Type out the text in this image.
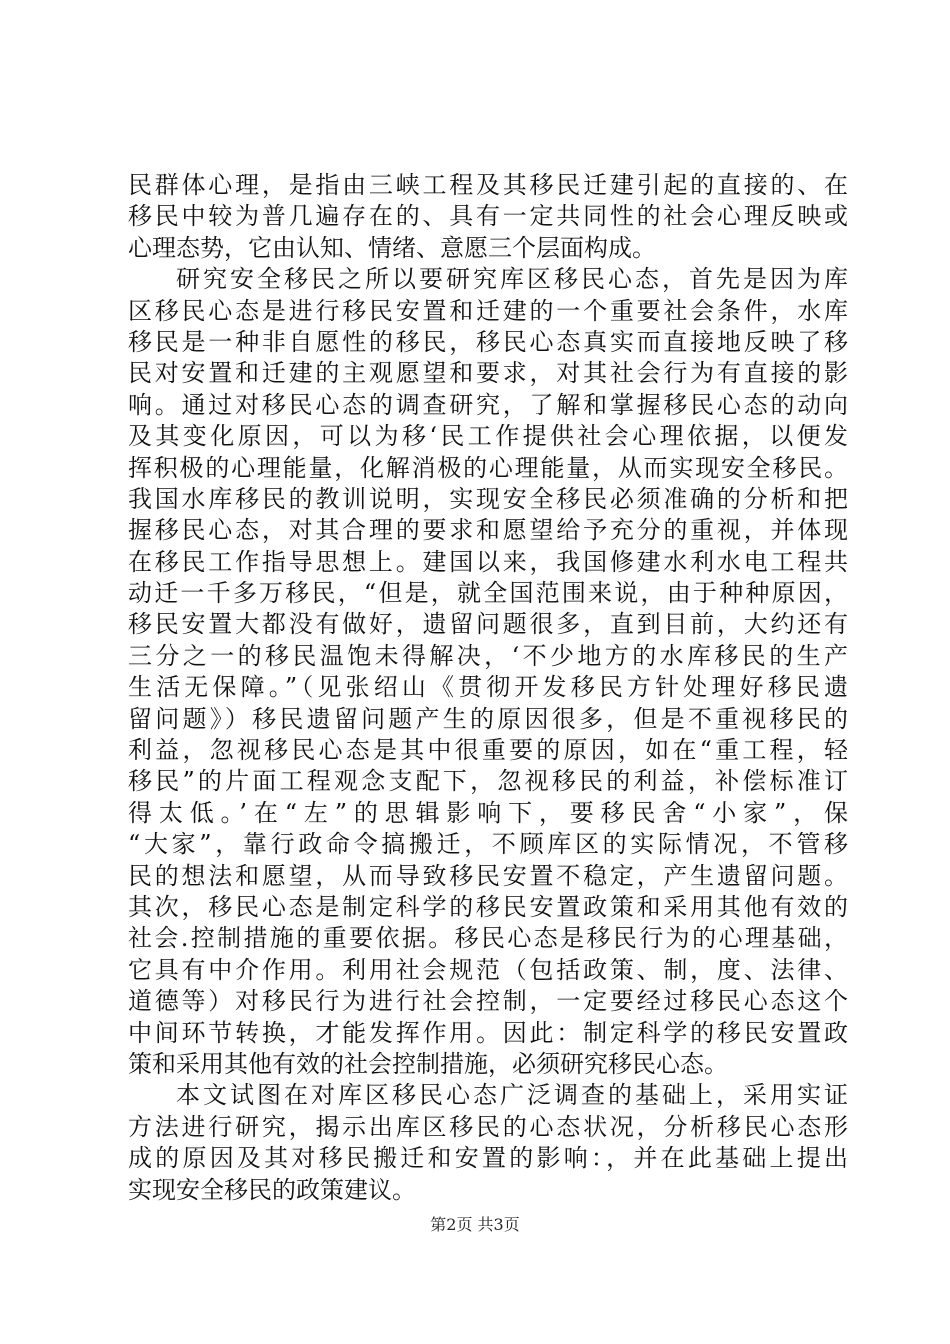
民群体心理，是指由三峡工程及其移民迁建引起的直接的、在
移民中较为普几遍存在的、具有一定共同性的社会心理反映或
心理态势，它由认知、情绪、意愿三个层面构成。
研究安全移民之所以要研究库区移民心态，首先是因为库
区移民心态是进行移民安置和迁建的一个重要社会条件，水库
移民是一种非自愿性的移民，移民心态真实而直接地反映了移
民对安置和迁建的主观愿望和要求，对其社会行为有直接的影
响。通过对移民心态的调查研究，了解和掌握移民心态的动向
及其变化原因，可以为移‘民工作提供社会心理依据，以便发
挥积极的心理能量，化解消极的心理能量，从而实现安全移民。
我国水库移民的教训说明，实现安全移民必须准确的分析和把
握移民心态，对其合理的要求和愿望给予充分的重视，并体现
在移民工作指导思想上。建国以来，我国修建水利水电工程共
动迁一千多万移民，“但是，就全国范围来说，由于种种原因，
移民安置大都没有做好，遗留问题很多，直到目前，大约还有
三分之一的移民温饱未得解决，‘不少地方的水库移民的生产
生活无保障。”（见张绍山《贯彻开发移民方针处理好移民遗
留问题》）移民遗留问题产生的原因很多，但是不重视移民的
利益，忽视移民心态是其中很重要的原因，如在“重工程，轻
移民”的片面工程观念支配下，忽视移民的利益，补偿标准订
得太低。’在“左”的思辑影响下，要移民舍“小家”，保
“大家”，靠行政命令搞搬迁，不顾库区的实际情况，不管移
民的想法和愿望，从而导致移民安置不稳定，产生遗留问题。
其次，移民心态是制定科学的移民安置政策和采用其他有效的
社会.控制措施的重要依据。移民心态是移民行为的心理基础，
它具有中介作用。利用社会规范（包括政策、制，度、法律、
道德等）对移民行为进行社会控制，一定要经过移民心态这个
中间环节转换，才能发挥作用。因此：制定科学的移民安置政
策和采用其他有效的社会控制措施，必须研究移民心态。
本文试图在对库区移民心态广泛调查的基础上，采用实证
方法进行研究，揭示出库区移民的心态状况，分析移民心态形
成的原因及其对移民搬迁和安置的影响：，并在此基础上提出
实现安全移民的政策建议。
第2页 共3页
